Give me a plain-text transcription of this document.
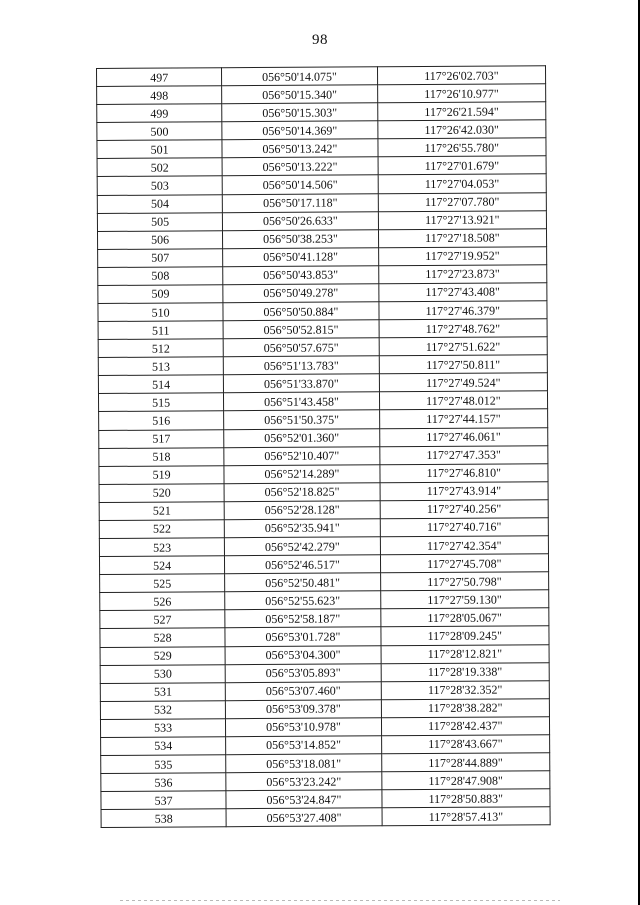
98
497	056°50'14.075"	117°26'02.703"
498	056°50'15.340"	117°26'10.977"
499	056°50'15.303"	117°26'21.594"
500	056°50'14.369"	117°26'42.030"
501	056°50'13.242"	117°26'55.780"
502	056°50'13.222"	117°27'01.679"
503	056°50'14.506"	117°27'04.053"
504	056°50'17.118"	117°27'07.780"
505	056°50'26.633"	117°27'13.921"
506	056°50'38.253"	117°27'18.508"
507	056°50'41.128"	117°27'19.952"
508	056°50'43.853"	117°27'23.873"
509	056°50'49.278"	117°27'43.408"
510	056°50'50.884"	117°27'46.379"
511	056°50'52.815"	117°27'48.762"
512	056°50'57.675"	117°27'51.622"
513	056°51'13.783"	117°27'50.811"
514	056°51'33.870"	117°27'49.524"
515	056°51'43.458"	117°27'48.012"
516	056°51'50.375"	117°27'44.157"
517	056°52'01.360"	117°27'46.061"
518	056°52'10.407"	117°27'47.353"
519	056°52'14.289"	117°27'46.810"
520	056°52'18.825"	117°27'43.914"
521	056°52'28.128"	117°27'40.256"
522	056°52'35.941"	117°27'40.716"
523	056°52'42.279"	117°27'42.354"
524	056°52'46.517"	117°27'45.708"
525	056°52'50.481"	117°27'50.798"
526	056°52'55.623"	117°27'59.130"
527	056°52'58.187"	117°28'05.067"
528	056°53'01.728"	117°28'09.245"
529	056°53'04.300"	117°28'12.821"
530	056°53'05.893"	117°28'19.338"
531	056°53'07.460"	117°28'32.352"
532	056°53'09.378"	117°28'38.282"
533	056°53'10.978"	117°28'42.437"
534	056°53'14.852"	117°28'43.667"
535	056°53'18.081"	117°28'44.889"
536	056°53'23.242"	117°28'47.908"
537	056°53'24.847"	117°28'50.883"
538	056°53'27.408"	117°28'57.413"
